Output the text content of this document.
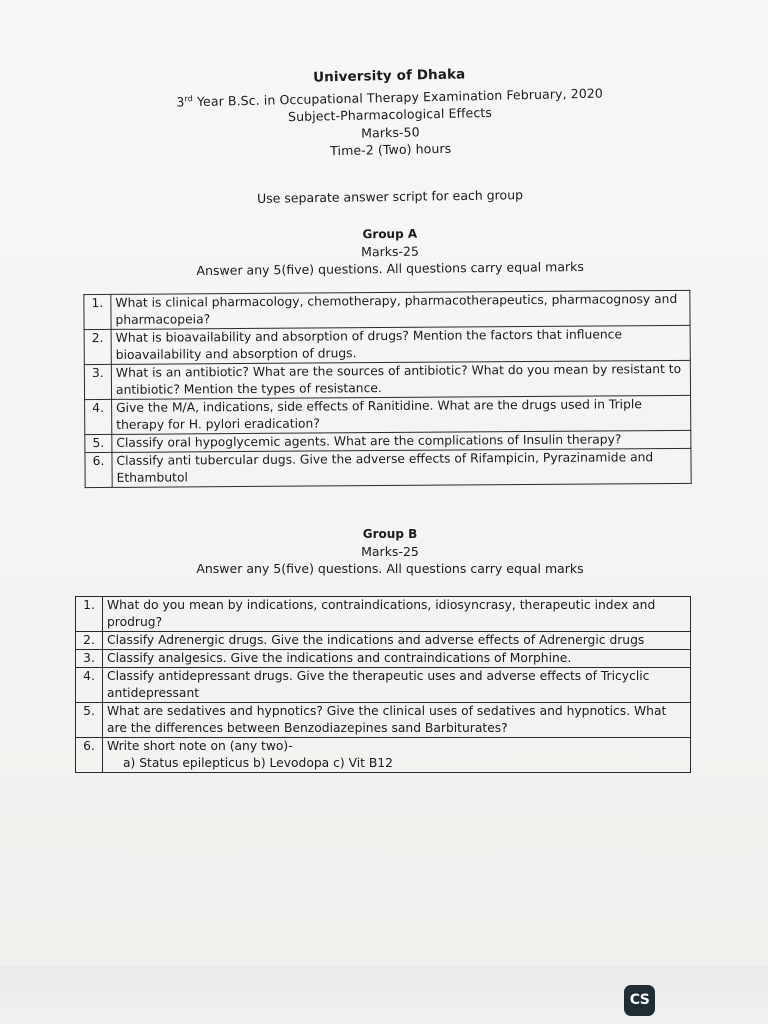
University of Dhaka
3rd Year B.Sc. in Occupational Therapy Examination February, 2020
Subject-Pharmacological Effects
Marks-50
Time-2 (Two) hours
Use separate answer script for each group
Group A
Marks-25
Answer any 5(five) questions. All questions carry equal marks
1.	What is clinical pharmacology, chemotherapy, pharmacotherapeutics, pharmacognosy and pharmacopeia?
2.	What is bioavailability and absorption of drugs? Mention the factors that influence bioavailability and absorption of drugs.
3.	What is an antibiotic? What are the sources of antibiotic? What do you mean by resistant to antibiotic? Mention the types of resistance.
4.	Give the M/A, indications, side effects of Ranitidine. What are the drugs used in Triple therapy for H. pylori eradication?
5.	Classify oral hypoglycemic agents. What are the complications of Insulin therapy?
6.	Classify anti tubercular dugs. Give the adverse effects of Rifampicin, Pyrazinamide and Ethambutol
Group B
Marks-25
Answer any 5(five) questions. All questions carry equal marks
1.	What do you mean by indications, contraindications, idiosyncrasy, therapeutic index and prodrug?
2.	Classify Adrenergic drugs. Give the indications and adverse effects of Adrenergic drugs
3.	Classify analgesics. Give the indications and contraindications of Morphine.
4.	Classify antidepressant drugs. Give the therapeutic uses and adverse effects of Tricyclic antidepressant
5.	What are sedatives and hypnotics? Give the clinical uses of sedatives and hypnotics. What are the differences between Benzodiazepines sand Barbiturates?
6.	Write short note on (any two)-
a) Status epilepticus b) Levodopa c) Vit B12
CS
